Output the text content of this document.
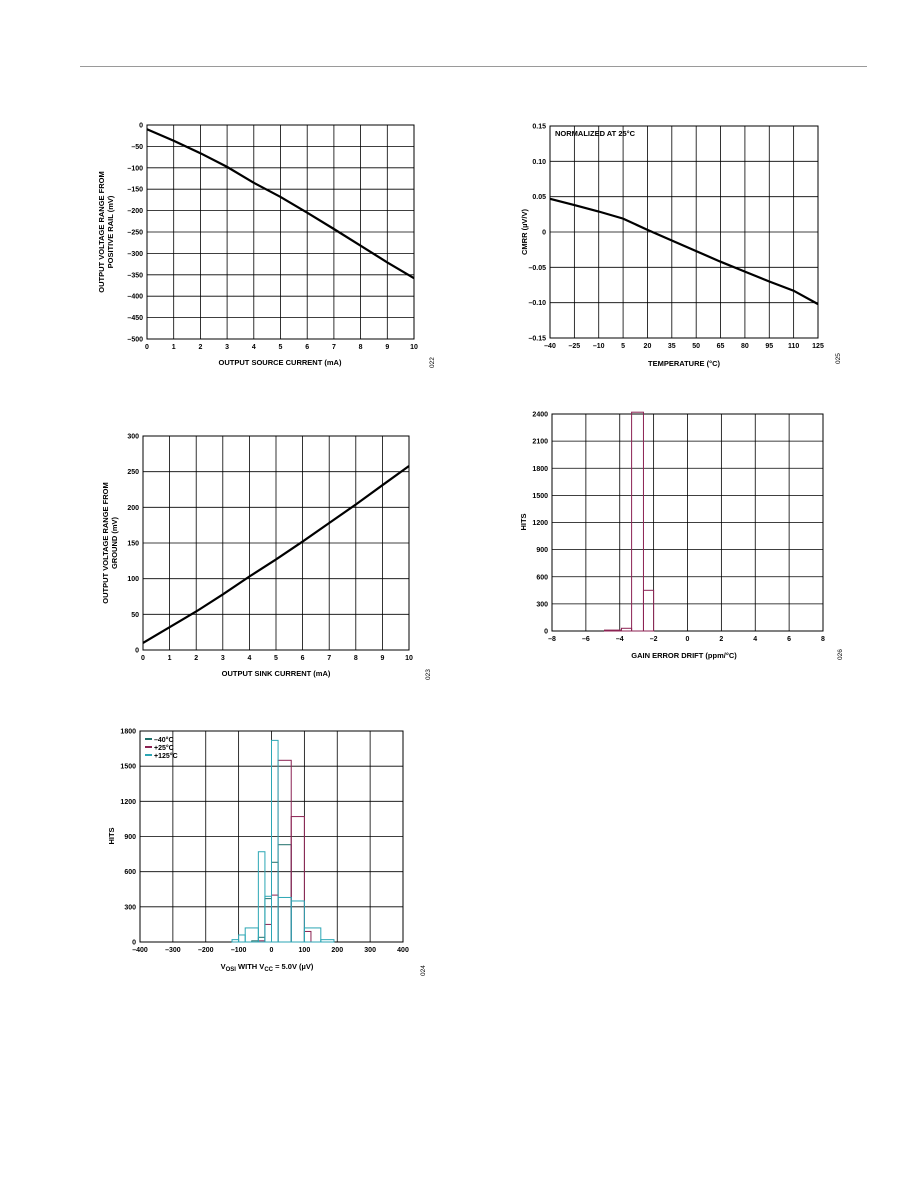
0	1	2	3	4	5	6	7	8	9	10
0
–50
–100
–150
–200
–250
–300
–350
–400
–450
–500
OUTPUT SOURCE CURRENT (mA)
OUTPUT VOLTAGE RANGE FROM POSITIVE RAIL (mV)
022
–40 –25 –10 5	20 35 50 65 80 95 110 125
0.15
0.10
0.05
0
–0.05
–0.10
–0.15
NORMALIZED AT 25°C
TEMPERATURE (°C)
CMRR (µV/V)
025
0	1	2	3	4	5	6	7	8	9	10
0
50
100
150
200
250
300
OUTPUT SINK CURRENT (mA)
OUTPUT VOLTAGE RANGE FROM GROUND (mV)
023
–8	–6	–4	–2	0	2	4	6	8
0
300
600
900
1200
1500
1800
2100
2400
GAIN ERROR DRIFT (ppm/°C)
HITS
026
–400 –300 –200 –100	0	100	200	300	400
0
300
600
900
1200
1500
1800
–40°C
+25°C
+125°C
$V_{OSI}$ WITH $V_{CC} = 5.0V$ (µV)
HITS
024
